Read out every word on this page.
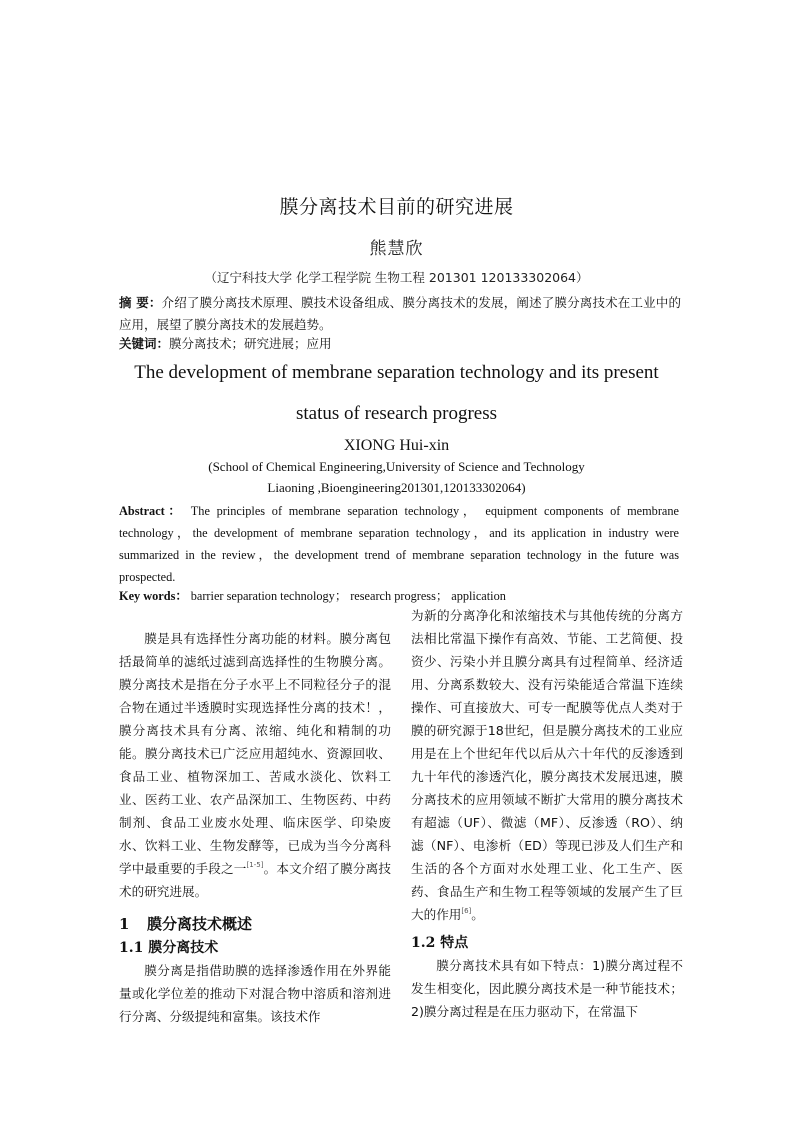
膜分离技术目前的研究进展
熊慧欣
（辽宁科技大学 化学工程学院 生物工程 201301 120133302064）
摘 要：介绍了膜分离技术原理、膜技术设备组成、膜分离技术的发展，阐述了膜分离技术在工业中的应用，展望了膜分离技术的发展趋势。
关键词：膜分离技术；研究进展；应用
The development of membrane separation technology and its present
status of research progress
XIONG Hui-xin
(School of Chemical Engineering,University of Science and Technology
Liaoning ,Bioengineering201301,120133302064)
Abstract： The principles of membrane separation technology， equipment components of membrane technology，the development of membrane separation technology，and its application in industry were summarized in the review，the development trend of membrane separation technology in the future was prospected.
Key words： barrier separation technology； research progress； application

膜是具有选择性分离功能的材料。膜分离包括最简单的滤纸过滤到高选择性的生物膜分离。膜分离技术是指在分子水平上不同粒径分子的混合物在通过半透膜时实现选择性分离的技术！，膜分离技术具有分离、浓缩、纯化和精制的功能。膜分离技术已广泛应用超纯水、资源回收、食品工业、植物深加工、苦咸水淡化、饮料工业、医药工业、农产品深加工、生物医药、中药制剂、食品工业废水处理、临床医学、印染废水、饮料工业、生物发酵等，已成为当今分离科学中最重要的手段之一[1-5]。本文介绍了膜分离技术的研究进展。

1 膜分离技术概述
1.1 膜分离技术

膜分离是指借助膜的选择渗透作用在外界能量或化学位差的推动下对混合物中溶质和溶剂进行分离、分级提纯和富集。该技术作

为新的分离净化和浓缩技术与其他传统的分离方法相比常温下操作有高效、节能、工艺简便、投资少、污染小并且膜分离具有过程简单、经济适用、分离系数较大、没有污染能适合常温下连续操作、可直接放大、可专一配膜等优点人类对于膜的研究源于18世纪，但是膜分离技术的工业应用是在上个世纪年代以后从六十年代的反渗透到九十年代的渗透汽化，膜分离技术发展迅速，膜分离技术的应用领域不断扩大常用的膜分离技术有超滤（UF）、微滤（MF）、反渗透（RO）、纳滤（NF）、电渗析（ED）等现已涉及人们生产和生活的各个方面对水处理工业、化工生产、医药、食品生产和生物工程等领域的发展产生了巨大的作用[6]。

1.2 特点

膜分离技术具有如下特点：1)膜分离过程不发生相变化，因此膜分离技术是一种节能技术；2)膜分离过程是在压力驱动下，在常温下
